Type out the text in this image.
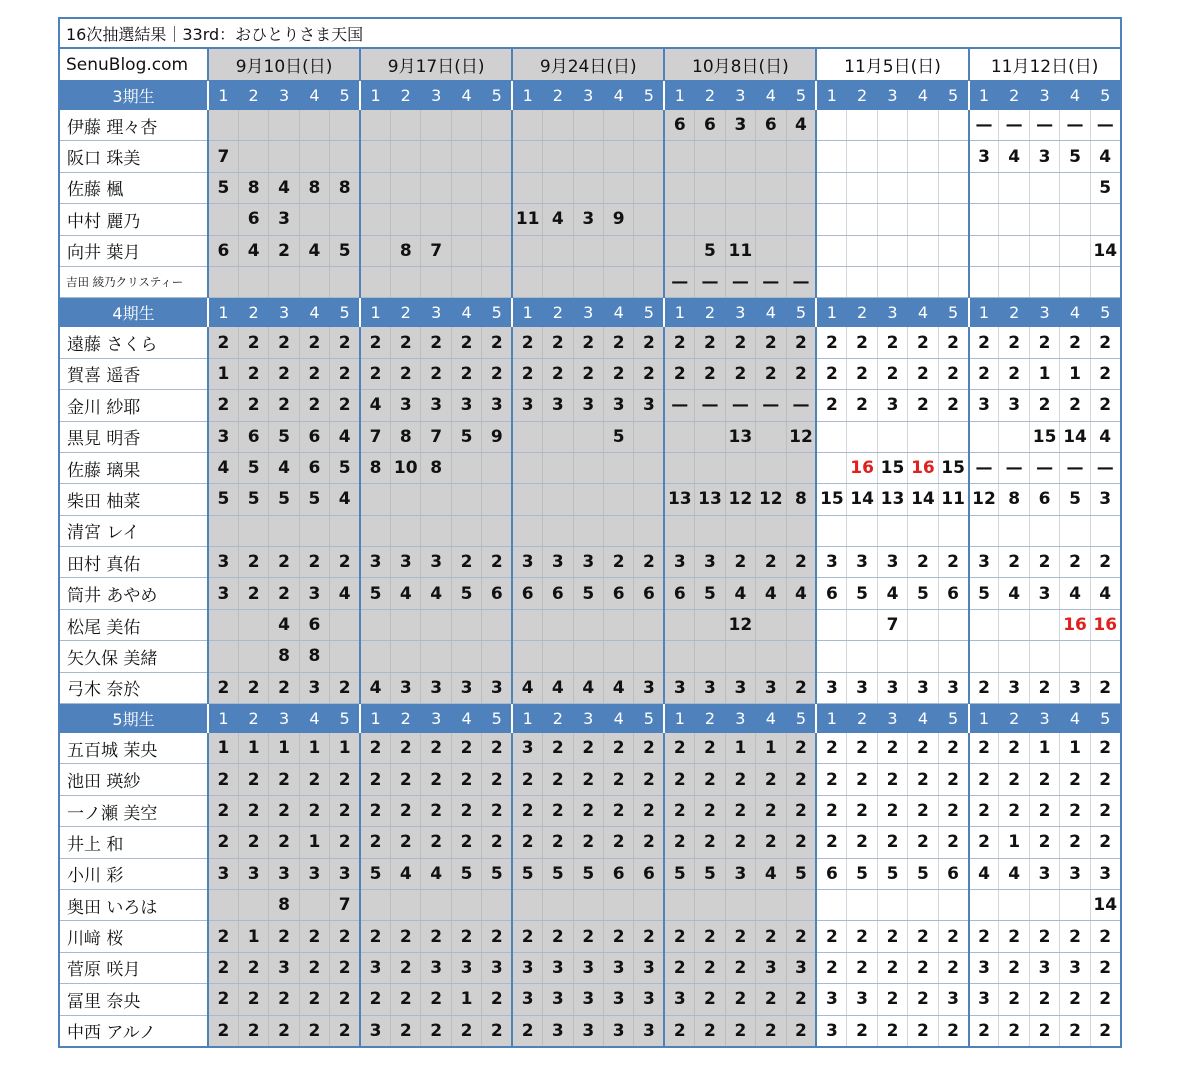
16次抽選結果｜33rd：おひとりさま天国																														
SenuBlog.com	9月10日(日)					9月17日(日)					9月24日(日)					10月8日(日)					11月5日(日)					11月12日(日)				
3期生	1	2	3	4	5	1	2	3	4	5	1	2	3	4	5	1	2	3	4	5	1	2	3	4	5	1	2	3	4	5
伊藤 理々杏																6	6	3	6	4						—	—	—	—	—
阪口 珠美	7																									3	4	3	5	4
佐藤 楓	5	8	4	8	8																									5
中村 麗乃		6	3								11	4	3	9																
向井 葉月	6	4	2	4	5		8	7									5	11												14
吉田 綾乃クリスティー																—	—	—	—	—										
4期生	1	2	3	4	5	1	2	3	4	5	1	2	3	4	5	1	2	3	4	5	1	2	3	4	5	1	2	3	4	5
遠藤 さくら	2	2	2	2	2	2	2	2	2	2	2	2	2	2	2	2	2	2	2	2	2	2	2	2	2	2	2	2	2	2
賀喜 遥香	1	2	2	2	2	2	2	2	2	2	2	2	2	2	2	2	2	2	2	2	2	2	2	2	2	2	2	1	1	2
金川 紗耶	2	2	2	2	2	4	3	3	3	3	3	3	3	3	3	—	—	—	—	—	2	2	3	2	2	3	3	2	2	2
黒見 明香	3	6	5	6	4	7	8	7	5	9				5				13		12								15	14	4
佐藤 璃果	4	5	4	6	5	8	10	8														16	15	16	15	—	—	—	—	—
柴田 柚菜	5	5	5	5	4											13	13	12	12	8	15	14	13	14	11	12	8	6	5	3
清宮 レイ																														
田村 真佑	3	2	2	2	2	3	3	3	2	2	3	3	3	2	2	3	3	2	2	2	3	3	3	2	2	3	2	2	2	2
筒井 あやめ	3	2	2	3	4	5	4	4	5	6	6	6	5	6	6	6	5	4	4	4	6	5	4	5	6	5	4	3	4	4
松尾 美佑			4	6														12					7						16	16
矢久保 美緒			8	8																										
弓木 奈於	2	2	2	3	2	4	3	3	3	3	4	4	4	4	3	3	3	3	3	2	3	3	3	3	3	2	3	2	3	2
5期生	1	2	3	4	5	1	2	3	4	5	1	2	3	4	5	1	2	3	4	5	1	2	3	4	5	1	2	3	4	5
五百城 茉央	1	1	1	1	1	2	2	2	2	2	3	2	2	2	2	2	2	1	1	2	2	2	2	2	2	2	2	1	1	2
池田 瑛紗	2	2	2	2	2	2	2	2	2	2	2	2	2	2	2	2	2	2	2	2	2	2	2	2	2	2	2	2	2	2
一ノ瀬 美空	2	2	2	2	2	2	2	2	2	2	2	2	2	2	2	2	2	2	2	2	2	2	2	2	2	2	2	2	2	2
井上 和	2	2	2	1	2	2	2	2	2	2	2	2	2	2	2	2	2	2	2	2	2	2	2	2	2	2	1	2	2	2
小川 彩	3	3	3	3	3	5	4	4	5	5	5	5	5	6	6	5	5	3	4	5	6	5	5	5	6	4	4	3	3	3
奥田 いろは			8		7																									14
川﨑 桜	2	1	2	2	2	2	2	2	2	2	2	2	2	2	2	2	2	2	2	2	2	2	2	2	2	2	2	2	2	2
菅原 咲月	2	2	3	2	2	3	2	3	3	3	3	3	3	3	3	2	2	2	3	3	2	2	2	2	2	3	2	3	3	2
冨里 奈央	2	2	2	2	2	2	2	2	1	2	3	3	3	3	3	3	2	2	2	2	3	3	2	2	3	3	2	2	2	2
中西 アルノ	2	2	2	2	2	3	2	2	2	2	2	3	3	3	3	2	2	2	2	2	3	2	2	2	2	2	2	2	2	2
